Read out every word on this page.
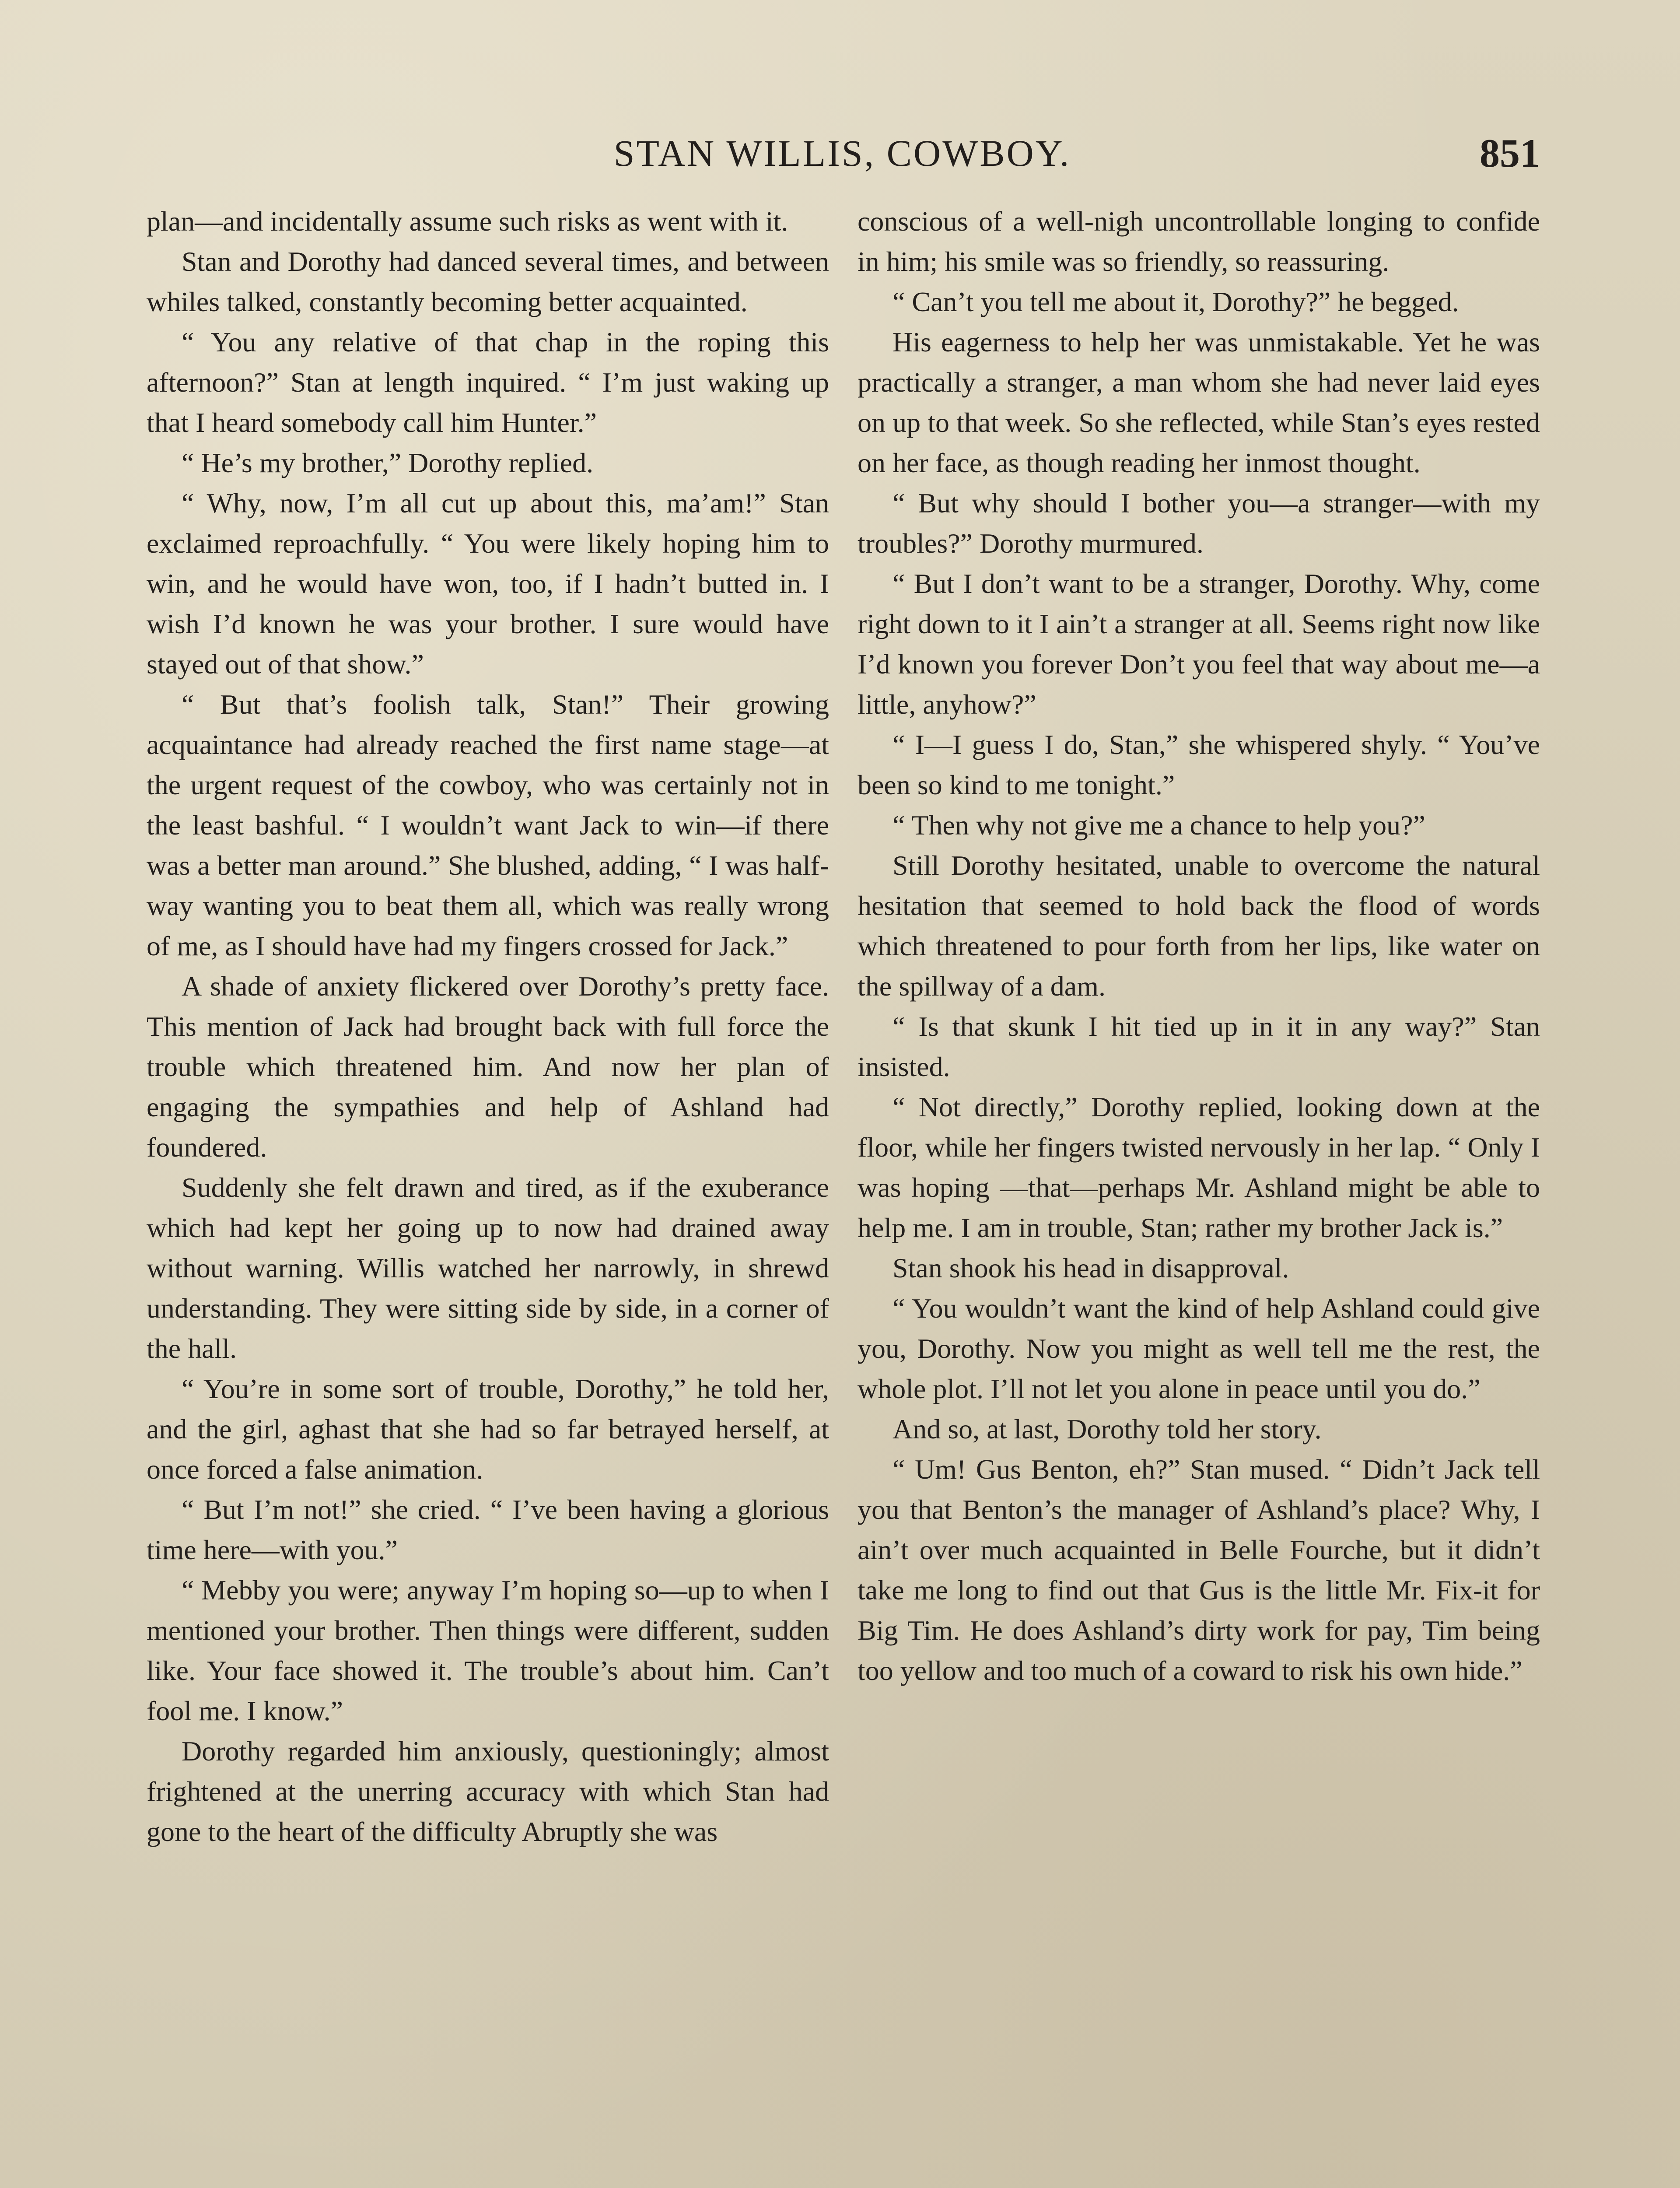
STAN WILLIS, COWBOY.	851

plan—and incidentally assume such risks as went with it.

Stan and Dorothy had danced several times, and between whiles talked, constantly becoming better acquainted.

“ You any relative of that chap in the roping this afternoon?” Stan at length inquired. “ I’m just waking up that I heard somebody call him Hunter.”

“ He’s my brother,” Dorothy replied.

“ Why, now, I’m all cut up about this, ma’am!” Stan exclaimed reproachfully. “ You were likely hoping him to win, and he would have won, too, if I hadn’t butted in. I wish I’d known he was your brother. I sure would have stayed out of that show.”

“ But that’s foolish talk, Stan!” Their growing acquaintance had already reached the first name stage—at the urgent request of the cowboy, who was certainly not in the least bashful. “ I wouldn’t want Jack to win—if there was a better man around.” She blushed, adding, “ I was half-way wanting you to beat them all, which was really wrong of me, as I should have had my fingers crossed for Jack.”

A shade of anxiety flickered over Dorothy’s pretty face. This mention of Jack had brought back with full force the trouble which threatened him. And now her plan of engaging the sympathies and help of Ashland had foundered.

Suddenly she felt drawn and tired, as if the exuberance which had kept her going up to now had drained away without warning. Willis watched her narrowly, in shrewd understanding. They were sitting side by side, in a corner of the hall.

“ You’re in some sort of trouble, Dorothy,” he told her, and the girl, aghast that she had so far betrayed herself, at once forced a false animation.

“ But I’m not!” she cried. “ I’ve been having a glorious time here—with you.”

“ Mebby you were; anyway I’m hoping so—up to when I mentioned your brother. Then things were different, sudden like. Your face showed it. The trouble’s about him. Can’t fool me. I know.”

Dorothy regarded him anxiously, questioningly; almost frightened at the unerring accuracy with which Stan had gone to the heart of the difficulty Abruptly she was

conscious of a well-nigh uncontrollable longing to confide in him; his smile was so friendly, so reassuring.

“ Can’t you tell me about it, Dorothy?” he begged.

His eagerness to help her was unmistakable. Yet he was practically a stranger, a man whom she had never laid eyes on up to that week. So she reflected, while Stan’s eyes rested on her face, as though reading her inmost thought.

“ But why should I bother you—a stranger—with my troubles?” Dorothy murmured.

“ But I don’t want to be a stranger, Dorothy. Why, come right down to it I ain’t a stranger at all. Seems right now like I’d known you forever Don’t you feel that way about me—a little, anyhow?”

“ I—I guess I do, Stan,” she whispered shyly. “ You’ve been so kind to me tonight.”

“ Then why not give me a chance to help you?”

Still Dorothy hesitated, unable to overcome the natural hesitation that seemed to hold back the flood of words which threatened to pour forth from her lips, like water on the spillway of a dam.

“ Is that skunk I hit tied up in it in any way?” Stan insisted.

“ Not directly,” Dorothy replied, looking down at the floor, while her fingers twisted nervously in her lap. “ Only I was hoping —that—perhaps Mr. Ashland might be able to help me. I am in trouble, Stan; rather my brother Jack is.”

Stan shook his head in disapproval.

“ You wouldn’t want the kind of help Ashland could give you, Dorothy. Now you might as well tell me the rest, the whole plot. I’ll not let you alone in peace until you do.”

And so, at last, Dorothy told her story.

“ Um! Gus Benton, eh?” Stan mused. “ Didn’t Jack tell you that Benton’s the manager of Ashland’s place? Why, I ain’t over much acquainted in Belle Fourche, but it didn’t take me long to find out that Gus is the little Mr. Fix-it for Big Tim. He does Ashland’s dirty work for pay, Tim being too yellow and too much of a coward to risk his own hide.”
